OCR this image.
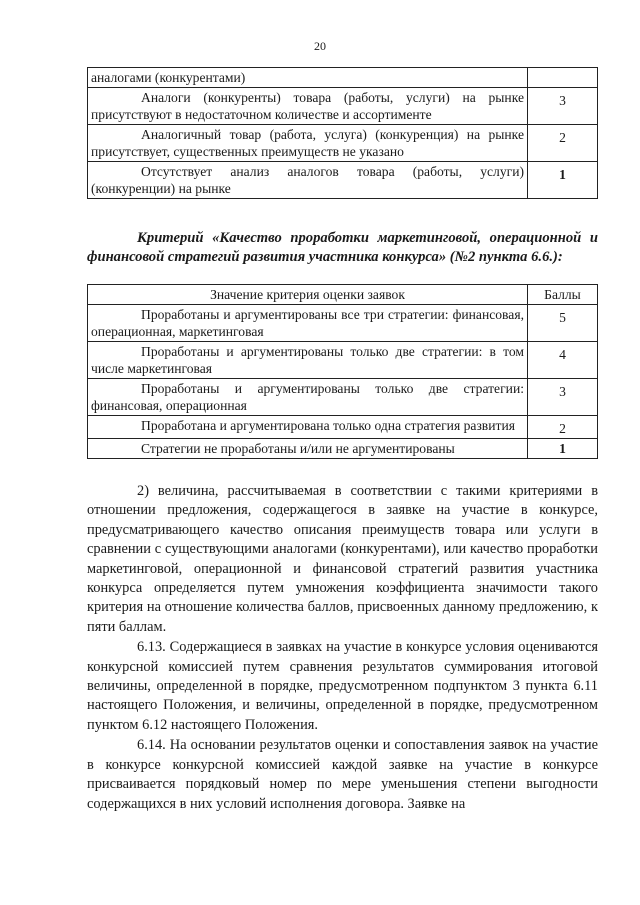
20
аналогами (конкурентами)	

Аналоги (конкуренты) товара (работы, услуги) на рынке присутствуют в недостаточном количестве и ассортименте	3

Аналогичный товар (работа, услуга) (конкуренция) на рынке присутствует, существенных преимуществ не указано	2

Отсутствует анализ аналогов товара (работы, услуги) (конкуренции) на рынке	1
Критерий «Качество проработки маркетинговой, операционной и финансовой стратегий развития участника конкурса» (№2 пункта 6.6.):
Значение критерия оценки заявок	Баллы

Проработаны и аргументированы все три стратегии: финансовая, операционная, маркетинговая	5

Проработаны и аргументированы только две стратегии: в том числе маркетинговая	4

Проработаны и аргументированы только две стратегии: финансовая, операционная	3

Проработана и аргументирована только одна стратегия развития	2

Стратегии не проработаны и/или не аргументированы	1

2) величина, рассчитываемая в соответствии с такими критериями в отношении предложения, содержащегося в заявке на участие в конкурсе, предусматривающего качество описания преимуществ товара или услуги в сравнении с существующими аналогами (конкурентами), или качество проработки маркетинговой, операционной и финансовой стратегий развития участника конкурса определяется путем умножения коэффициента значимости такого критерия на отношение количества баллов, присвоенных данному предложению, к пяти баллам.

6.13. Содержащиеся в заявках на участие в конкурсе условия оцениваются конкурсной комиссией путем сравнения результатов суммирования итоговой величины, определенной в порядке, предусмотренном подпунктом 3 пункта 6.11 настоящего Положения, и величины, определенной в порядке, предусмотренном пунктом 6.12 настоящего Положения.

6.14. На основании результатов оценки и сопоставления заявок на участие в конкурсе конкурсной комиссией каждой заявке на участие в конкурсе присваивается порядковый номер по мере уменьшения степени выгодности содержащихся в них условий исполнения договора. Заявке на
